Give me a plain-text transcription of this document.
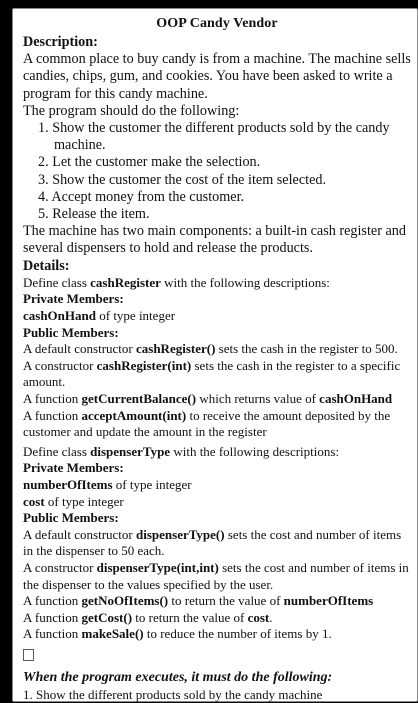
OOP Candy Vendor
Description:
A common place to buy candy is from a machine. The machine sells candies, chips, gum, and cookies. You have been asked to write a program for this candy machine.
The program should do the following:
1. Show the customer the different products sold by the candy machine.
2. Let the customer make the selection.
3. Show the customer the cost of the item selected.
4. Accept money from the customer.
5. Release the item.
The machine has two main components: a built-in cash register and several dispensers to hold and release the products.
Details:
Define class cashRegister with the following descriptions:
Private Members:
cashOnHand of type integer
Public Members:
A default constructor cashRegister() sets the cash in the register to 500.
A constructor cashRegister(int) sets the cash in the register to a specific amount.
A function getCurrentBalance() which returns value of cashOnHand
A function acceptAmount(int) to receive the amount deposited by the customer and update the amount in the register
Define class dispenserType with the following descriptions:
Private Members:
numberOfItems of type integer
cost of type integer
Public Members:
A default constructor dispenserType() sets the cost and number of items in the dispenser to 50 each.
A constructor dispenserType(int,int) sets the cost and number of items in the dispenser to the values specified by the user.
A function getNoOfItems() to return the value of numberOfItems
A function getCost() to return the value of cost.
A function makeSale() to reduce the number of items by 1.
When the program executes, it must do the following:
1. Show the different products sold by the candy machine
